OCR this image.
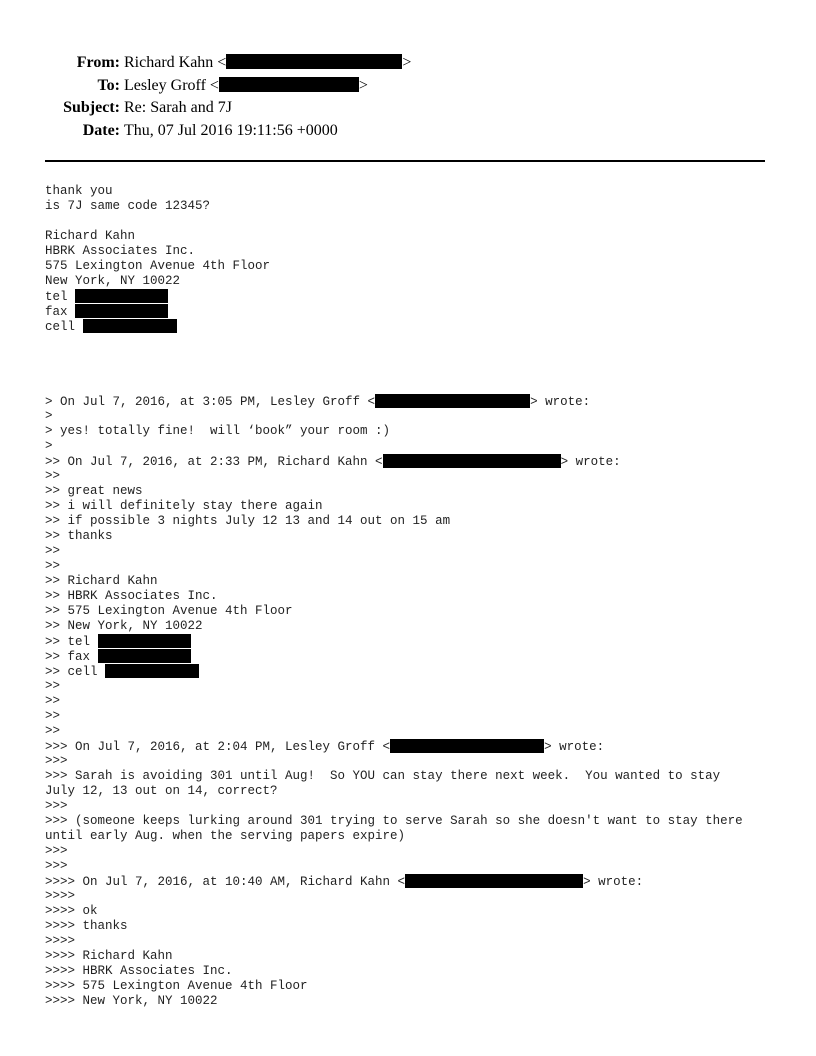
From: Richard Kahn <	>
To: Lesley Groff <	>
Subject: Re: Sarah and 7J
Date: Thu, 07 Jul 2016 19:11:56 +0000
thank you
is 7J same code 12345?
Richard Kahn
HBRK Associates Inc.
575 Lexington Avenue 4th Floor
New York, NY 10022
tel
fax
cell
> On Jul 7, 2016, at 3:05 PM, Lesley Groff <	> wrote:
>
> yes! totally fine!  will ‘book” your room :)
>
>> On Jul 7, 2016, at 2:33 PM, Richard Kahn <	> wrote:
>>
>> great news
>> i will definitely stay there again
>> if possible 3 nights July 12 13 and 14 out on 15 am
>> thanks
>>
>>
>> Richard Kahn
>> HBRK Associates Inc.
>> 575 Lexington Avenue 4th Floor
>> New York, NY 10022
>> tel
>> fax
>> cell
>>
>>
>>
>>
>>> On Jul 7, 2016, at 2:04 PM, Lesley Groff <	> wrote:
>>>
>>> Sarah is avoiding 301 until Aug!  So YOU can stay there next week.  You wanted to stay
July 12, 13 out on 14, correct?
>>>
>>> (someone keeps lurking around 301 trying to serve Sarah so she doesn't want to stay there
until early Aug. when the serving papers expire)
>>>
>>>
>>>> On Jul 7, 2016, at 10:40 AM, Richard Kahn <	> wrote:
>>>>
>>>> ok
>>>> thanks
>>>>
>>>> Richard Kahn
>>>> HBRK Associates Inc.
>>>> 575 Lexington Avenue 4th Floor
>>>> New York, NY 10022
